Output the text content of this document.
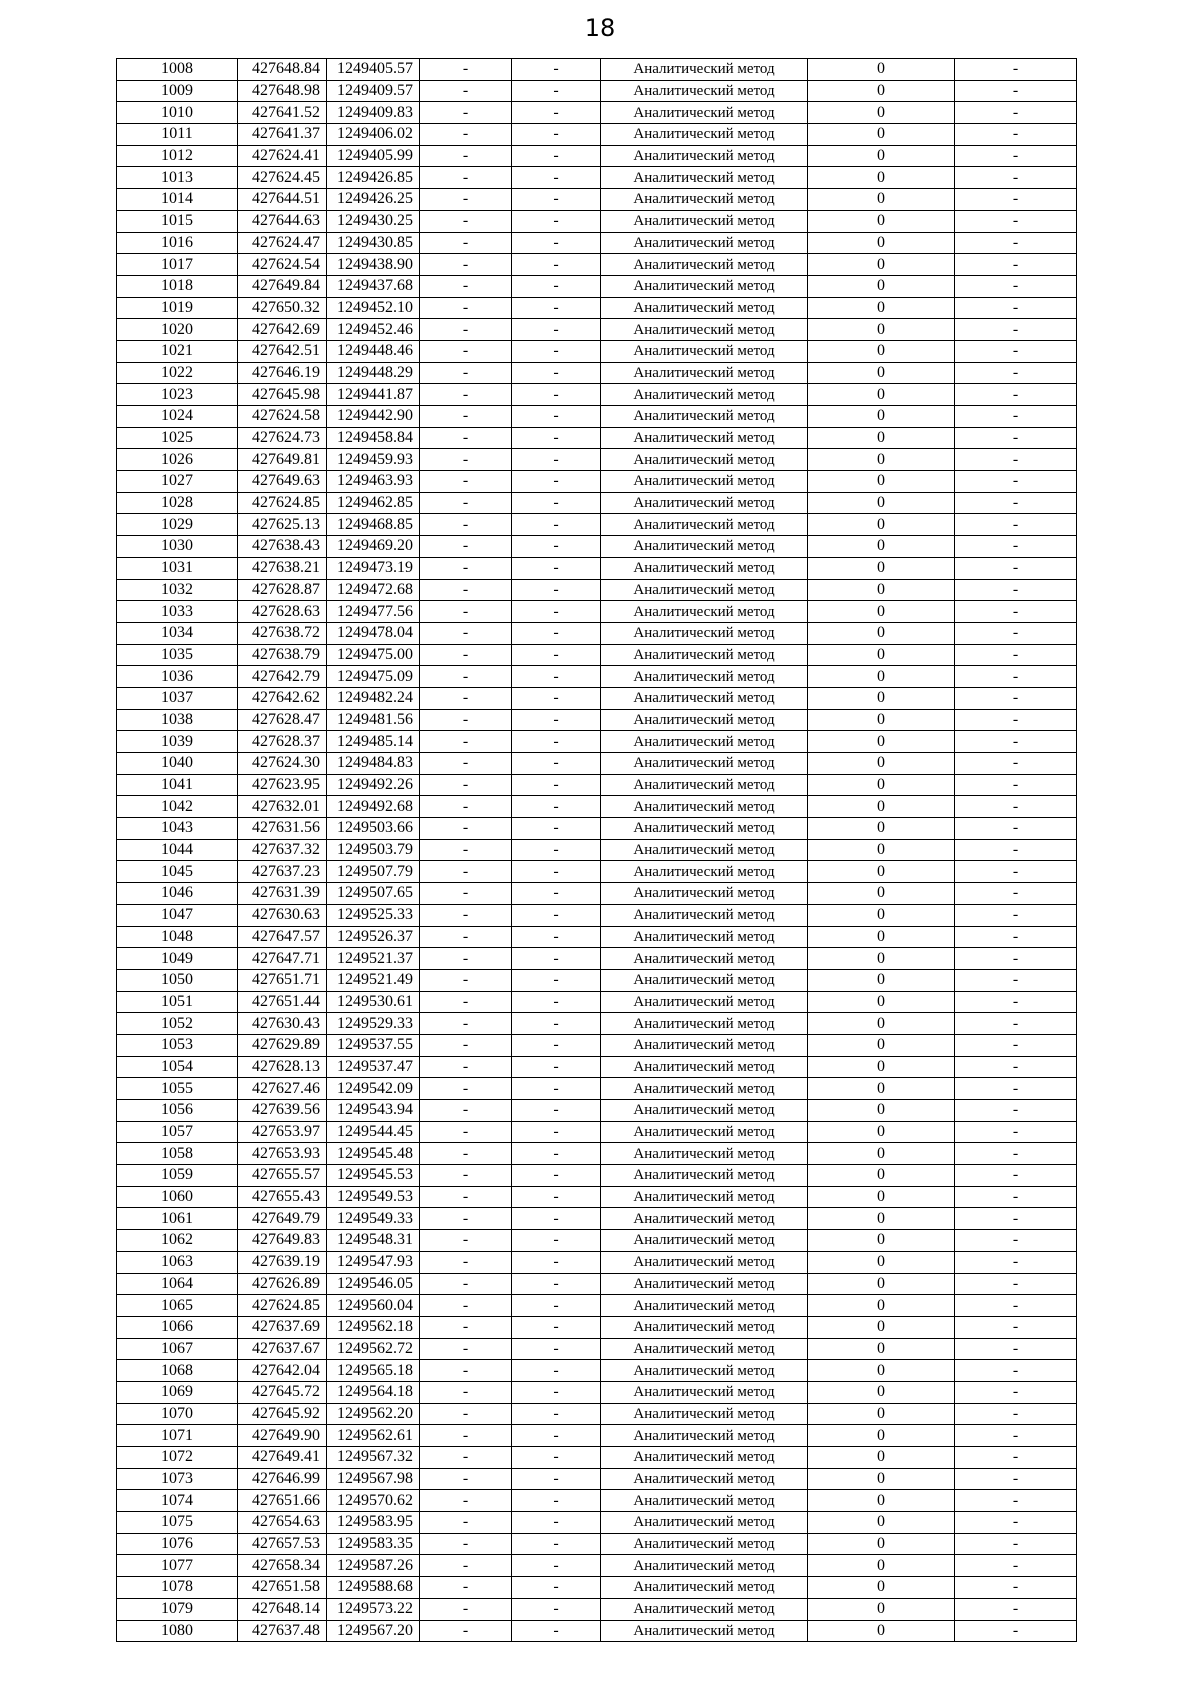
18
1008	427648.84	1249405.57	-	-	Аналитический метод	0	-
1009	427648.98	1249409.57	-	-	Аналитический метод	0	-
1010	427641.52	1249409.83	-	-	Аналитический метод	0	-
1011	427641.37	1249406.02	-	-	Аналитический метод	0	-
1012	427624.41	1249405.99	-	-	Аналитический метод	0	-
1013	427624.45	1249426.85	-	-	Аналитический метод	0	-
1014	427644.51	1249426.25	-	-	Аналитический метод	0	-
1015	427644.63	1249430.25	-	-	Аналитический метод	0	-
1016	427624.47	1249430.85	-	-	Аналитический метод	0	-
1017	427624.54	1249438.90	-	-	Аналитический метод	0	-
1018	427649.84	1249437.68	-	-	Аналитический метод	0	-
1019	427650.32	1249452.10	-	-	Аналитический метод	0	-
1020	427642.69	1249452.46	-	-	Аналитический метод	0	-
1021	427642.51	1249448.46	-	-	Аналитический метод	0	-
1022	427646.19	1249448.29	-	-	Аналитический метод	0	-
1023	427645.98	1249441.87	-	-	Аналитический метод	0	-
1024	427624.58	1249442.90	-	-	Аналитический метод	0	-
1025	427624.73	1249458.84	-	-	Аналитический метод	0	-
1026	427649.81	1249459.93	-	-	Аналитический метод	0	-
1027	427649.63	1249463.93	-	-	Аналитический метод	0	-
1028	427624.85	1249462.85	-	-	Аналитический метод	0	-
1029	427625.13	1249468.85	-	-	Аналитический метод	0	-
1030	427638.43	1249469.20	-	-	Аналитический метод	0	-
1031	427638.21	1249473.19	-	-	Аналитический метод	0	-
1032	427628.87	1249472.68	-	-	Аналитический метод	0	-
1033	427628.63	1249477.56	-	-	Аналитический метод	0	-
1034	427638.72	1249478.04	-	-	Аналитический метод	0	-
1035	427638.79	1249475.00	-	-	Аналитический метод	0	-
1036	427642.79	1249475.09	-	-	Аналитический метод	0	-
1037	427642.62	1249482.24	-	-	Аналитический метод	0	-
1038	427628.47	1249481.56	-	-	Аналитический метод	0	-
1039	427628.37	1249485.14	-	-	Аналитический метод	0	-
1040	427624.30	1249484.83	-	-	Аналитический метод	0	-
1041	427623.95	1249492.26	-	-	Аналитический метод	0	-
1042	427632.01	1249492.68	-	-	Аналитический метод	0	-
1043	427631.56	1249503.66	-	-	Аналитический метод	0	-
1044	427637.32	1249503.79	-	-	Аналитический метод	0	-
1045	427637.23	1249507.79	-	-	Аналитический метод	0	-
1046	427631.39	1249507.65	-	-	Аналитический метод	0	-
1047	427630.63	1249525.33	-	-	Аналитический метод	0	-
1048	427647.57	1249526.37	-	-	Аналитический метод	0	-
1049	427647.71	1249521.37	-	-	Аналитический метод	0	-
1050	427651.71	1249521.49	-	-	Аналитический метод	0	-
1051	427651.44	1249530.61	-	-	Аналитический метод	0	-
1052	427630.43	1249529.33	-	-	Аналитический метод	0	-
1053	427629.89	1249537.55	-	-	Аналитический метод	0	-
1054	427628.13	1249537.47	-	-	Аналитический метод	0	-
1055	427627.46	1249542.09	-	-	Аналитический метод	0	-
1056	427639.56	1249543.94	-	-	Аналитический метод	0	-
1057	427653.97	1249544.45	-	-	Аналитический метод	0	-
1058	427653.93	1249545.48	-	-	Аналитический метод	0	-
1059	427655.57	1249545.53	-	-	Аналитический метод	0	-
1060	427655.43	1249549.53	-	-	Аналитический метод	0	-
1061	427649.79	1249549.33	-	-	Аналитический метод	0	-
1062	427649.83	1249548.31	-	-	Аналитический метод	0	-
1063	427639.19	1249547.93	-	-	Аналитический метод	0	-
1064	427626.89	1249546.05	-	-	Аналитический метод	0	-
1065	427624.85	1249560.04	-	-	Аналитический метод	0	-
1066	427637.69	1249562.18	-	-	Аналитический метод	0	-
1067	427637.67	1249562.72	-	-	Аналитический метод	0	-
1068	427642.04	1249565.18	-	-	Аналитический метод	0	-
1069	427645.72	1249564.18	-	-	Аналитический метод	0	-
1070	427645.92	1249562.20	-	-	Аналитический метод	0	-
1071	427649.90	1249562.61	-	-	Аналитический метод	0	-
1072	427649.41	1249567.32	-	-	Аналитический метод	0	-
1073	427646.99	1249567.98	-	-	Аналитический метод	0	-
1074	427651.66	1249570.62	-	-	Аналитический метод	0	-
1075	427654.63	1249583.95	-	-	Аналитический метод	0	-
1076	427657.53	1249583.35	-	-	Аналитический метод	0	-
1077	427658.34	1249587.26	-	-	Аналитический метод	0	-
1078	427651.58	1249588.68	-	-	Аналитический метод	0	-
1079	427648.14	1249573.22	-	-	Аналитический метод	0	-
1080	427637.48	1249567.20	-	-	Аналитический метод	0	-
